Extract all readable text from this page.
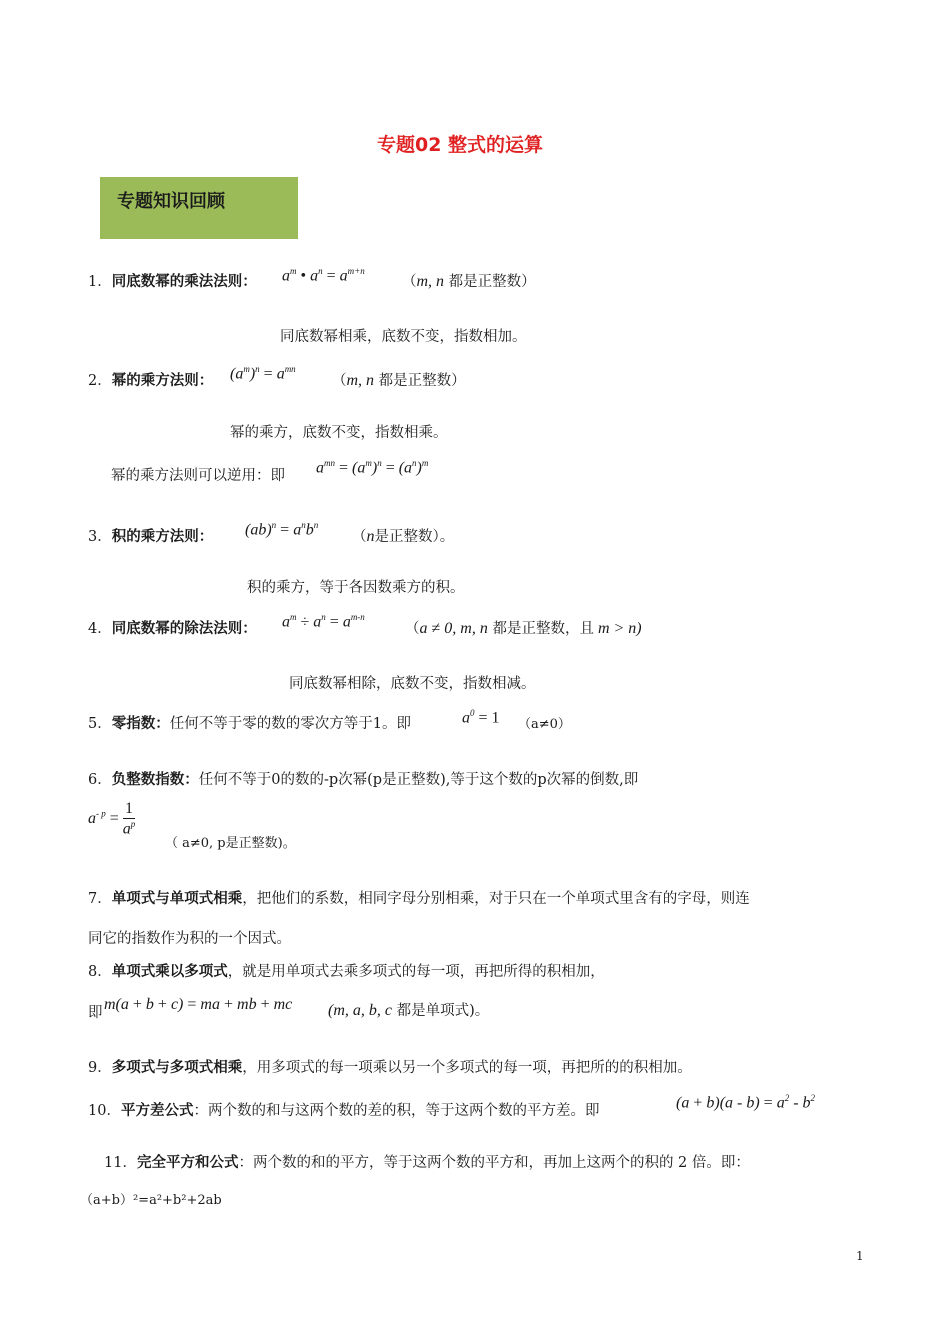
专题02 整式的运算
专题知识回顾
1．同底数幂的乘法法则： $a^m$ • $a^n = a^{m+n}$
（m, n 都是正整数）
同底数幂相乘，底数不变，指数相加。
2．幂的乘方法则： $(a^m)^n = a^{mn}$
（m, n 都是正整数）
幂的乘方，底数不变，指数相乘。
幂的乘方法则可以逆用：即 $a^{mn} = (a^m)^n = (a^n)^m$
3．积的乘方法则： $(ab)^n = a^nb^n$
（n是正整数）。
积的乘方，等于各因数乘方的积。
4．同底数幂的除法法则： $a^m \div a^n = a^{m-n}$
（a ≠ 0, m, n 都是正整数，且 m > n)
同底数幂相除，底数不变，指数相减。
5．零指数：任何不等于零的数的零次方等于1。即	$a^0 = 1$ （a≠0）
6．负整数指数：任何不等于0的数的-p次幂(p是正整数),等于这个数的p次幂的倒数,即
$a^{- p} = \frac{1}{a^p}$
（ a≠0, p是正整数)。
7．单项式与单项式相乘，把他们的系数，相同字母分别相乘，对于只在一个单项式里含有的字母，则连
同它的指数作为积的一个因式。
8．单项式乘以多项式，就是用单项式去乘多项式的每一项，再把所得的积相加，
即 m(a + b + c) = ma + mb + mc (m, a, b, c 都是单项式)。
9．多项式与多项式相乘，用多项式的每一项乘以另一个多项式的每一项，再把所的的积相加。
10．平方差公式：两个数的和与这两个数的差的积，等于这两个数的平方差。即	$(a + b)(a - b) = a^2 - b^2$
11．完全平方和公式：两个数的和的平方，等于这两个数的平方和，再加上这两个的积的 2 倍。即：
（a+b）²=a²+b²+2ab
1
